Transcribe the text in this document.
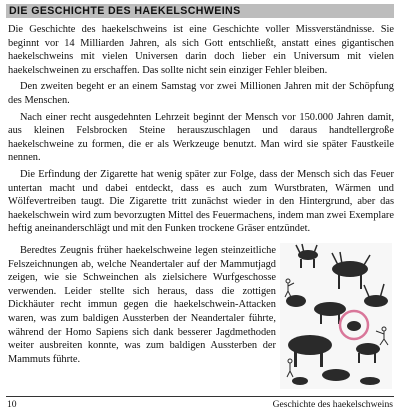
DIE GESCHICHTE DES HAEKELSCHWEINS

Die Geschichte des haekelschweins ist eine Geschichte voller Missverständnisse. Sie beginnt vor 14 Milliarden Jahren, als sich Gott entschließt, anstatt eines gigantischen haekelschweins mit vielen Universen darin doch lieber ein Universum mit vielen haekelschweinen zu erschaffen. Das sollte nicht sein einziger Fehler bleiben.

Den zweiten begeht er an einem Samstag vor zwei Millionen Jahren mit der Schöpfung des Menschen.

Nach einer recht ausgedehnten Lehrzeit beginnt der Mensch vor 150.000 Jahren damit, aus kleinen Felsbrocken Steine herauszuschlagen und daraus handtellergroße haekelschweine zu formen, die er als Werkzeuge benutzt. Man wird sie später Faustkeile nennen.

Die Erfindung der Zigarette hat wenig später zur Folge, dass der Mensch sich das Feuer untertan macht und dabei entdeckt, dass es auch zum Wurstbraten, Wärmen und Wölfevertreiben taugt. Die Zigarette tritt zunächst wieder in den Hintergrund, aber das haekelschwein wird zum bevorzugten Mittel des Feuermachens, indem man zwei Exemplare heftig aneinanderschlägt und mit den Funken trockene Gräser entzündet.

Beredtes Zeugnis früher haekelschweine legen steinzeitliche Felszeichnungen ab, welche Neandertaler auf der Mammutjagd zeigen, wie sie Schweinchen als zielsichere Wurfgeschosse verwenden. Leider stellte sich heraus, dass die zottigen Dickhäuter recht immun gegen die haekelschwein-Attacken waren, was zum baldigen Aussterben der Neandertaler führte, während der Homo Sapiens sich dank besserer Jagdmethoden weiter ausbreiten konnte, was zum baldigen Aussterben der Mammuts führte.

10	Geschichte des haekelschweins
